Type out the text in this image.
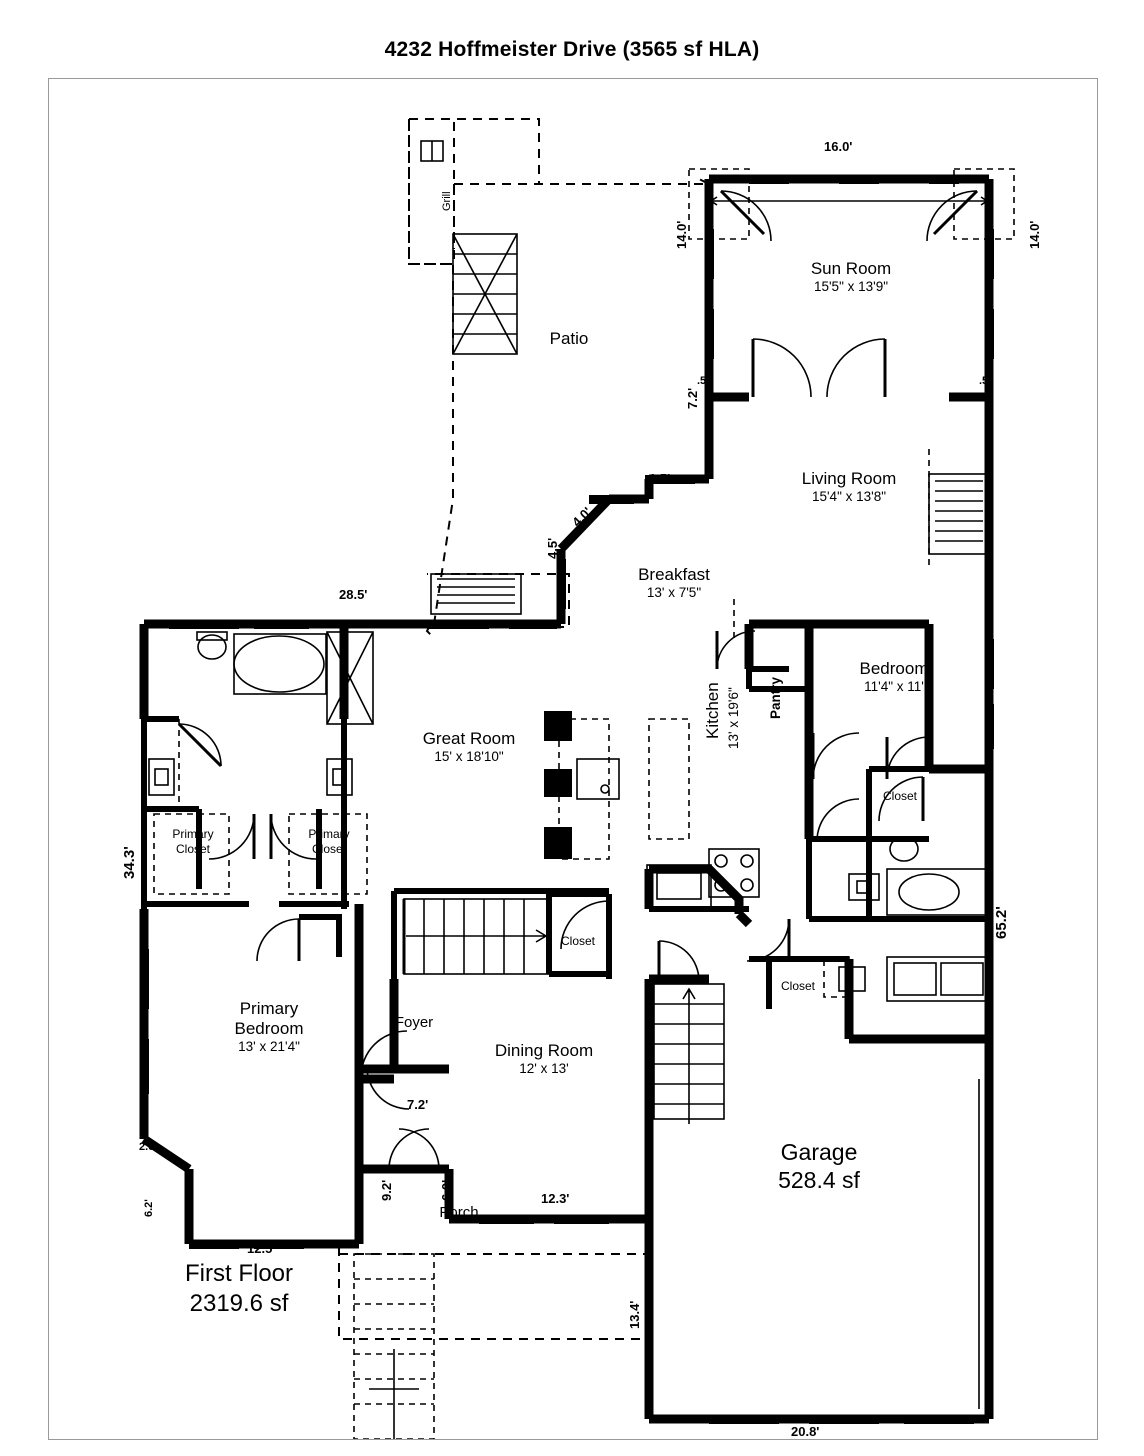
4232 Hoffmeister Drive (3565 sf HLA)
Sun Room
15'5" x 13'9"
Living Room
15'4" x 13'8"
Bedroom
11'4" x 11'
Breakfast
13' x 7'5"
Great Room
15' x 18'10"
Primary
Bedroom
13' x 21'4"	Dining Room
12' x 13'
Garage
528.4 sf
First Floor
2319.6 sf
Kitchen 13' x 19'6" Pantry
Grill
Patio
Foyer
Porch
Closet
Closet
Closet
Primary
Closet
Primary
Closet
16.0'
14.0'	14.0'
.5'	.5'
7.2'
6.5'
4.0'
4.5'
28.5'
34.3'
65.2'
2.0'
6.2'
12.5'
7.2'
9.2'	6.0'	12.3'
13.4'
20.8'
